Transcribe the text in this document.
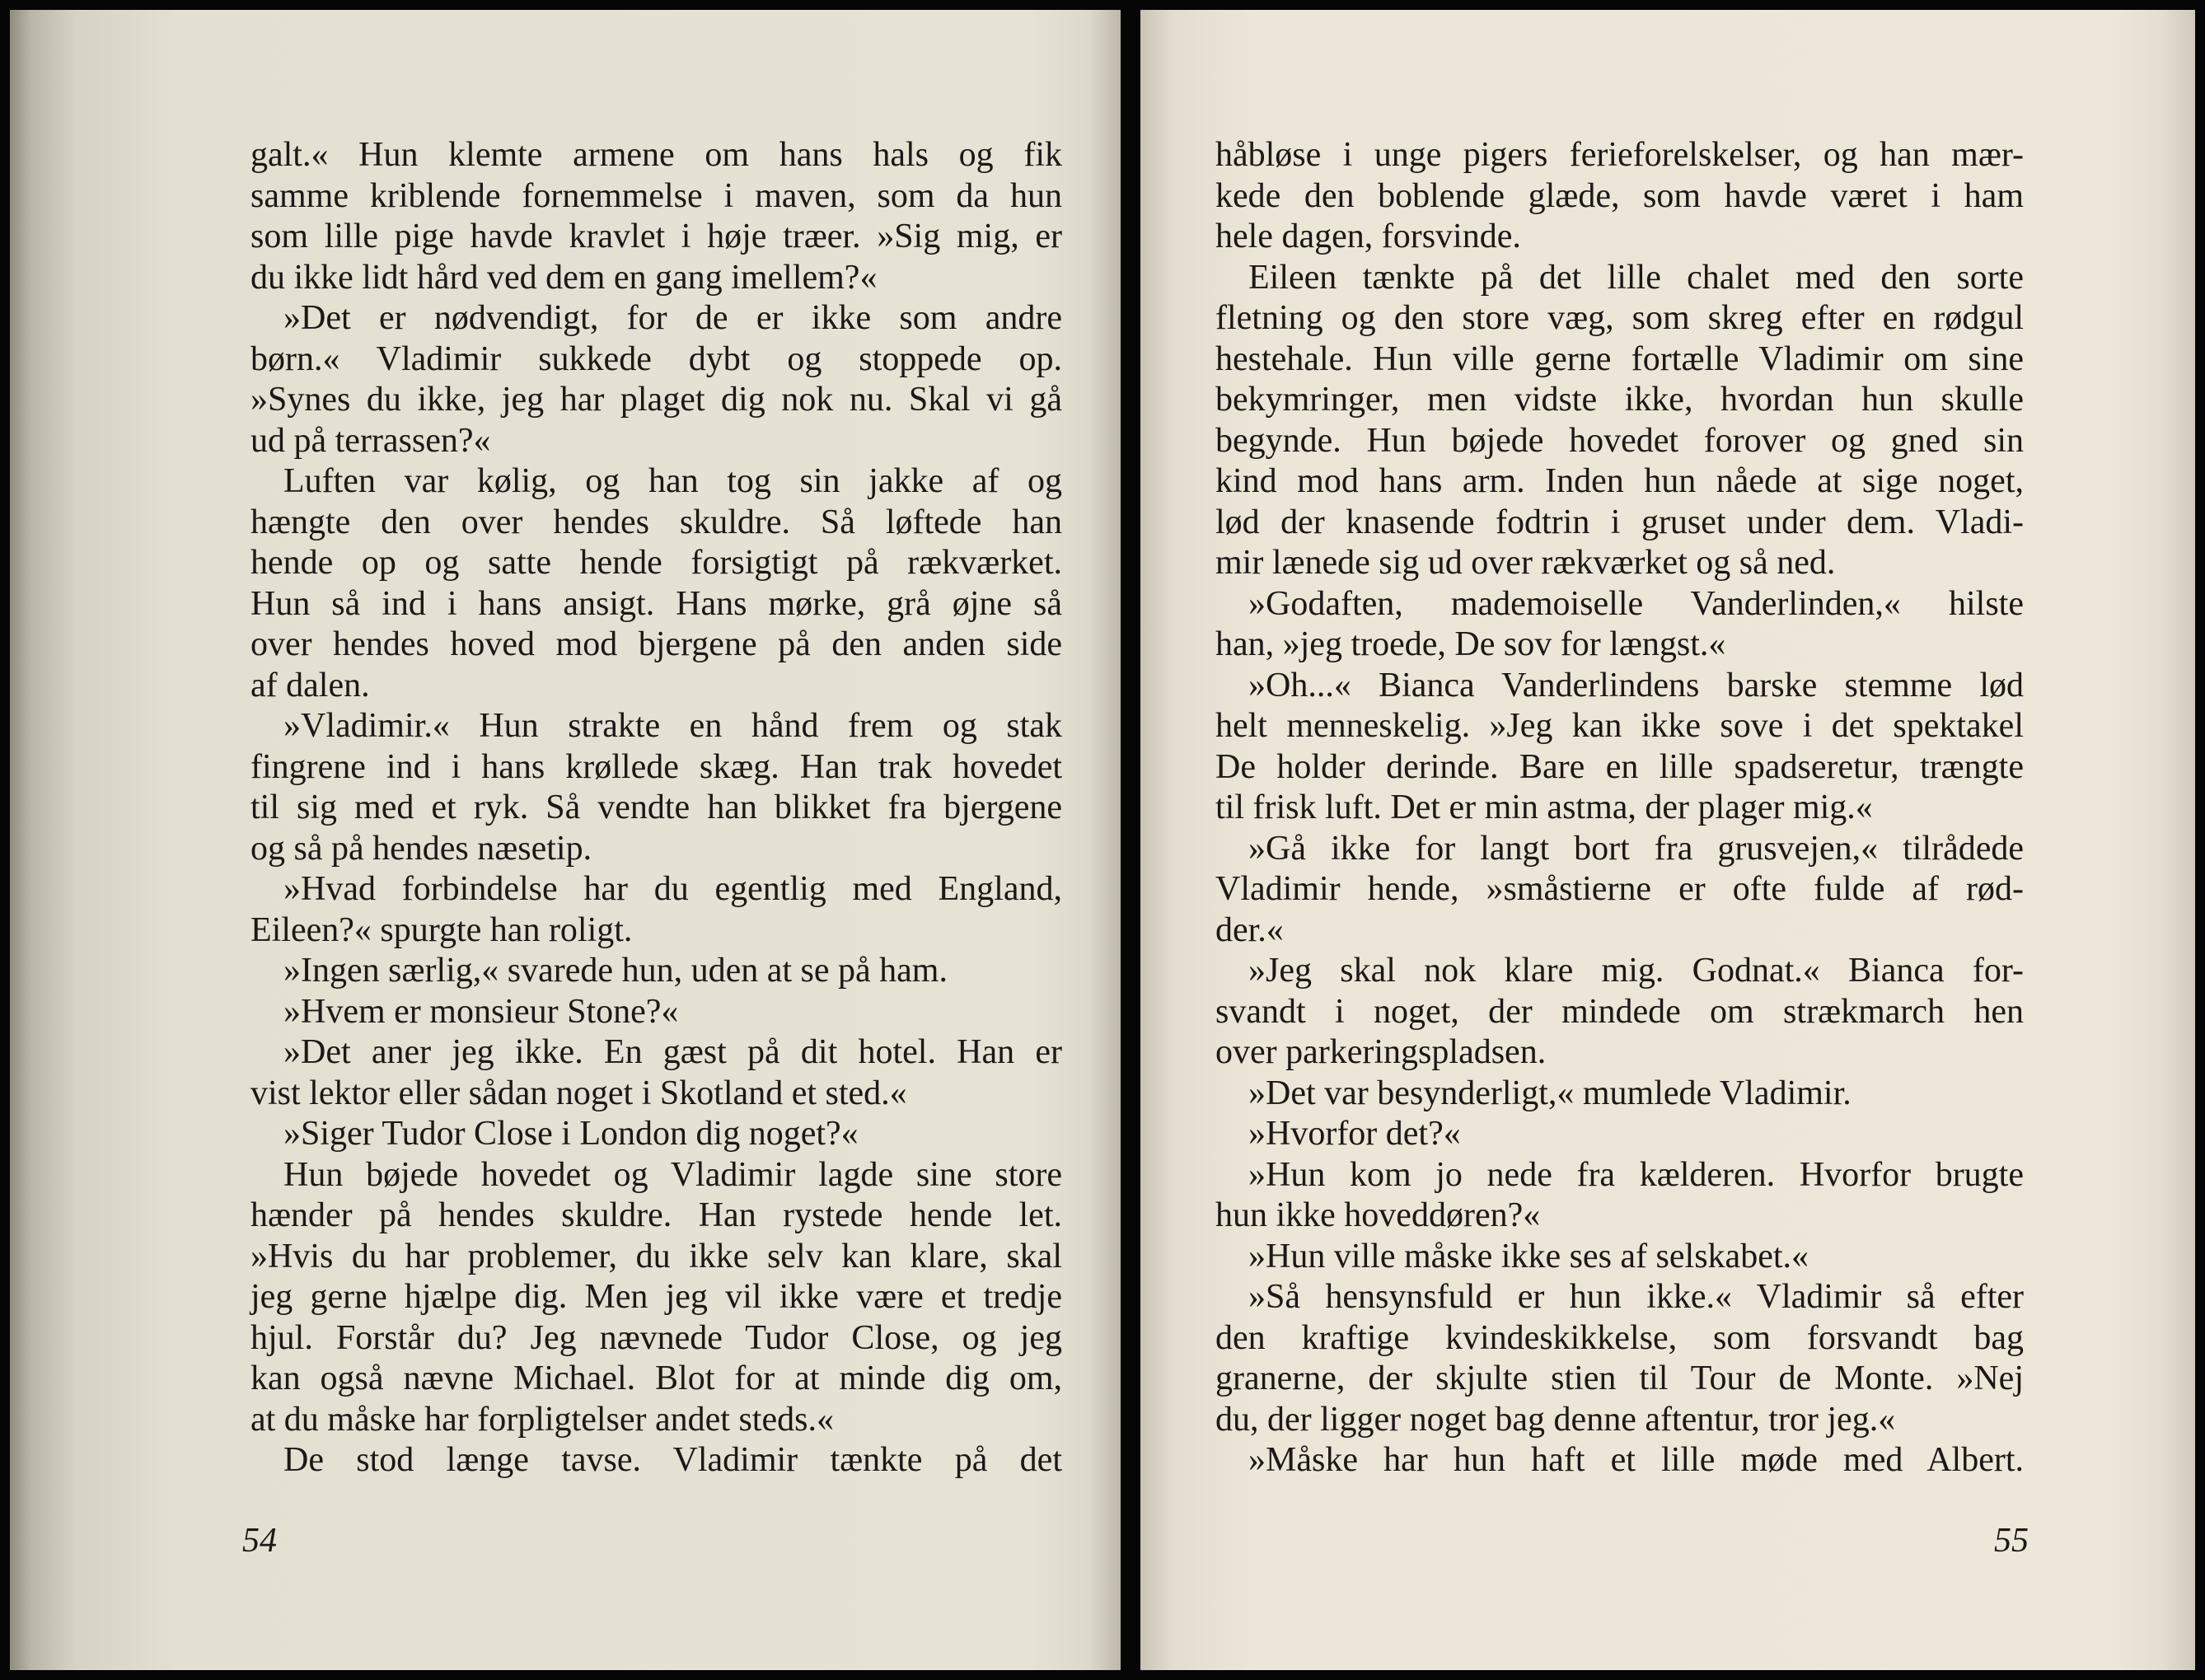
galt.« Hun klemte armene om hans hals og fik
samme kriblende fornemmelse i maven, som da hun
som lille pige havde kravlet i høje træer. »Sig mig, er
du ikke lidt hård ved dem en gang imellem?«
»Det er nødvendigt, for de er ikke som andre
børn.« Vladimir sukkede dybt og stoppede op.
»Synes du ikke, jeg har plaget dig nok nu. Skal vi gå
ud på terrassen?«
Luften var kølig, og han tog sin jakke af og
hængte den over hendes skuldre. Så løftede han
hende op og satte hende forsigtigt på rækværket.
Hun så ind i hans ansigt. Hans mørke, grå øjne så
over hendes hoved mod bjergene på den anden side
af dalen.
»Vladimir.« Hun strakte en hånd frem og stak
fingrene ind i hans krøllede skæg. Han trak hovedet
til sig med et ryk. Så vendte han blikket fra bjergene
og så på hendes næsetip.
»Hvad forbindelse har du egentlig med England,
Eileen?« spurgte han roligt.
»Ingen særlig,« svarede hun, uden at se på ham.
»Hvem er monsieur Stone?«
»Det aner jeg ikke. En gæst på dit hotel. Han er
vist lektor eller sådan noget i Skotland et sted.«
»Siger Tudor Close i London dig noget?«
Hun bøjede hovedet og Vladimir lagde sine store
hænder på hendes skuldre. Han rystede hende let.
»Hvis du har problemer, du ikke selv kan klare, skal
jeg gerne hjælpe dig. Men jeg vil ikke være et tredje
hjul. Forstår du? Jeg nævnede Tudor Close, og jeg
kan også nævne Michael. Blot for at minde dig om,
at du måske har forpligtelser andet steds.«
De stod længe tavse. Vladimir tænkte på det
54
håbløse i unge pigers ferieforelskelser, og han mær-
kede den boblende glæde, som havde været i ham
hele dagen, forsvinde.
Eileen tænkte på det lille chalet med den sorte
fletning og den store væg, som skreg efter en rødgul
hestehale. Hun ville gerne fortælle Vladimir om sine
bekymringer, men vidste ikke, hvordan hun skulle
begynde. Hun bøjede hovedet forover og gned sin
kind mod hans arm. Inden hun nåede at sige noget,
lød der knasende fodtrin i gruset under dem. Vladi-
mir lænede sig ud over rækværket og så ned.
»Godaften, mademoiselle Vanderlinden,« hilste
han, »jeg troede, De sov for længst.«
»Oh...« Bianca Vanderlindens barske stemme lød
helt menneskelig. »Jeg kan ikke sove i det spektakel
De holder derinde. Bare en lille spadseretur, trængte
til frisk luft. Det er min astma, der plager mig.«
»Gå ikke for langt bort fra grusvejen,« tilrådede
Vladimir hende, »småstierne er ofte fulde af rød-
der.«
»Jeg skal nok klare mig. Godnat.« Bianca for-
svandt i noget, der mindede om strækmarch hen
over parkeringspladsen.
»Det var besynderligt,« mumlede Vladimir.
»Hvorfor det?«
»Hun kom jo nede fra kælderen. Hvorfor brugte
hun ikke hoveddøren?«
»Hun ville måske ikke ses af selskabet.«
»Så hensynsfuld er hun ikke.« Vladimir så efter
den kraftige kvindeskikkelse, som forsvandt bag
granerne, der skjulte stien til Tour de Monte. »Nej
du, der ligger noget bag denne aftentur, tror jeg.«
»Måske har hun haft et lille møde med Albert.
55
